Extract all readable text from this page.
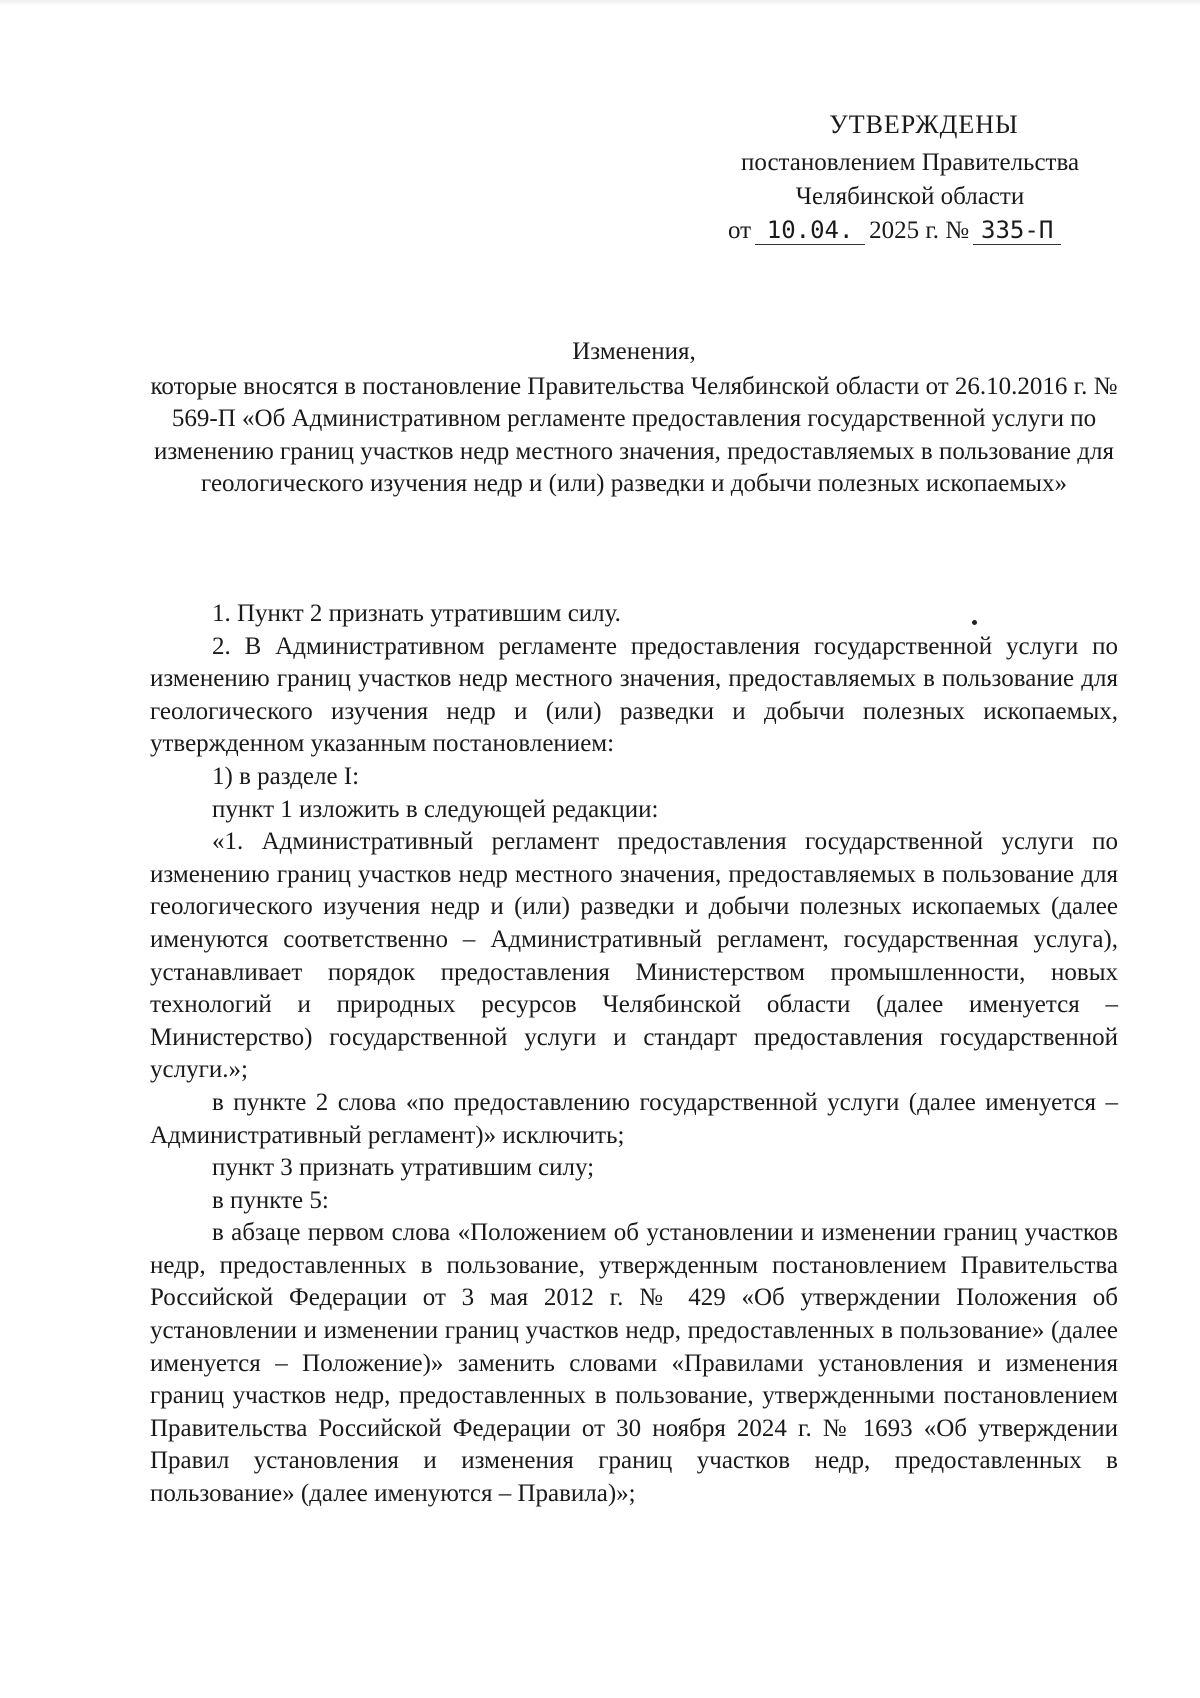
УТВЕРЖДЕНЫ
постановлением Правительства
Челябинской области
от 10.04. 2025 г. № 335-П
Изменения,
которые вносятся в постановление Правительства Челябинской области от 26.10.2016 г. № 569-П «Об Административном регламенте предоставления государственной услуги по изменению границ участков недр местного значения, предоставляемых в пользование для геологического изучения недр и (или) разведки и добычи полезных ископаемых»

1. Пункт 2 признать утратившим силу.

2. В Административном регламенте предоставления государственной услуги по изменению границ участков недр местного значения, предоставляемых в пользование для геологического изучения недр и (или) разведки и добычи полезных ископаемых, утвержденном указанным постановлением:

1) в разделе I:

пункт 1 изложить в следующей редакции:

«1. Административный регламент предоставления государственной услуги по изменению границ участков недр местного значения, предоставляемых в пользование для геологического изучения недр и (или) разведки и добычи полезных ископаемых (далее именуются соответственно – Административный регламент, государственная услуга), устанавливает порядок предоставления Министерством промышленности, новых технологий и природных ресурсов Челябинской области (далее именуется – Министерство) государственной услуги и стандарт предоставления государственной услуги.»;

в пункте 2 слова «по предоставлению государственной услуги (далее именуется – Административный регламент)» исключить;

пункт 3 признать утратившим силу;

в пункте 5:

в абзаце первом слова «Положением об установлении и изменении границ участков недр, предоставленных в пользование, утвержденным постановлением Правительства Российской Федерации от 3 мая 2012 г. № 429 «Об утверждении Положения об установлении и изменении границ участков недр, предоставленных в пользование» (далее именуется – Положение)» заменить словами «Правилами установления и изменения границ участков недр, предоставленных в пользование, утвержденными постановлением Правительства Российской Федерации от 30 ноября 2024 г. № 1693 «Об утверждении Правил установления и изменения границ участков недр, предоставленных в пользование» (далее именуются – Правила)»;
